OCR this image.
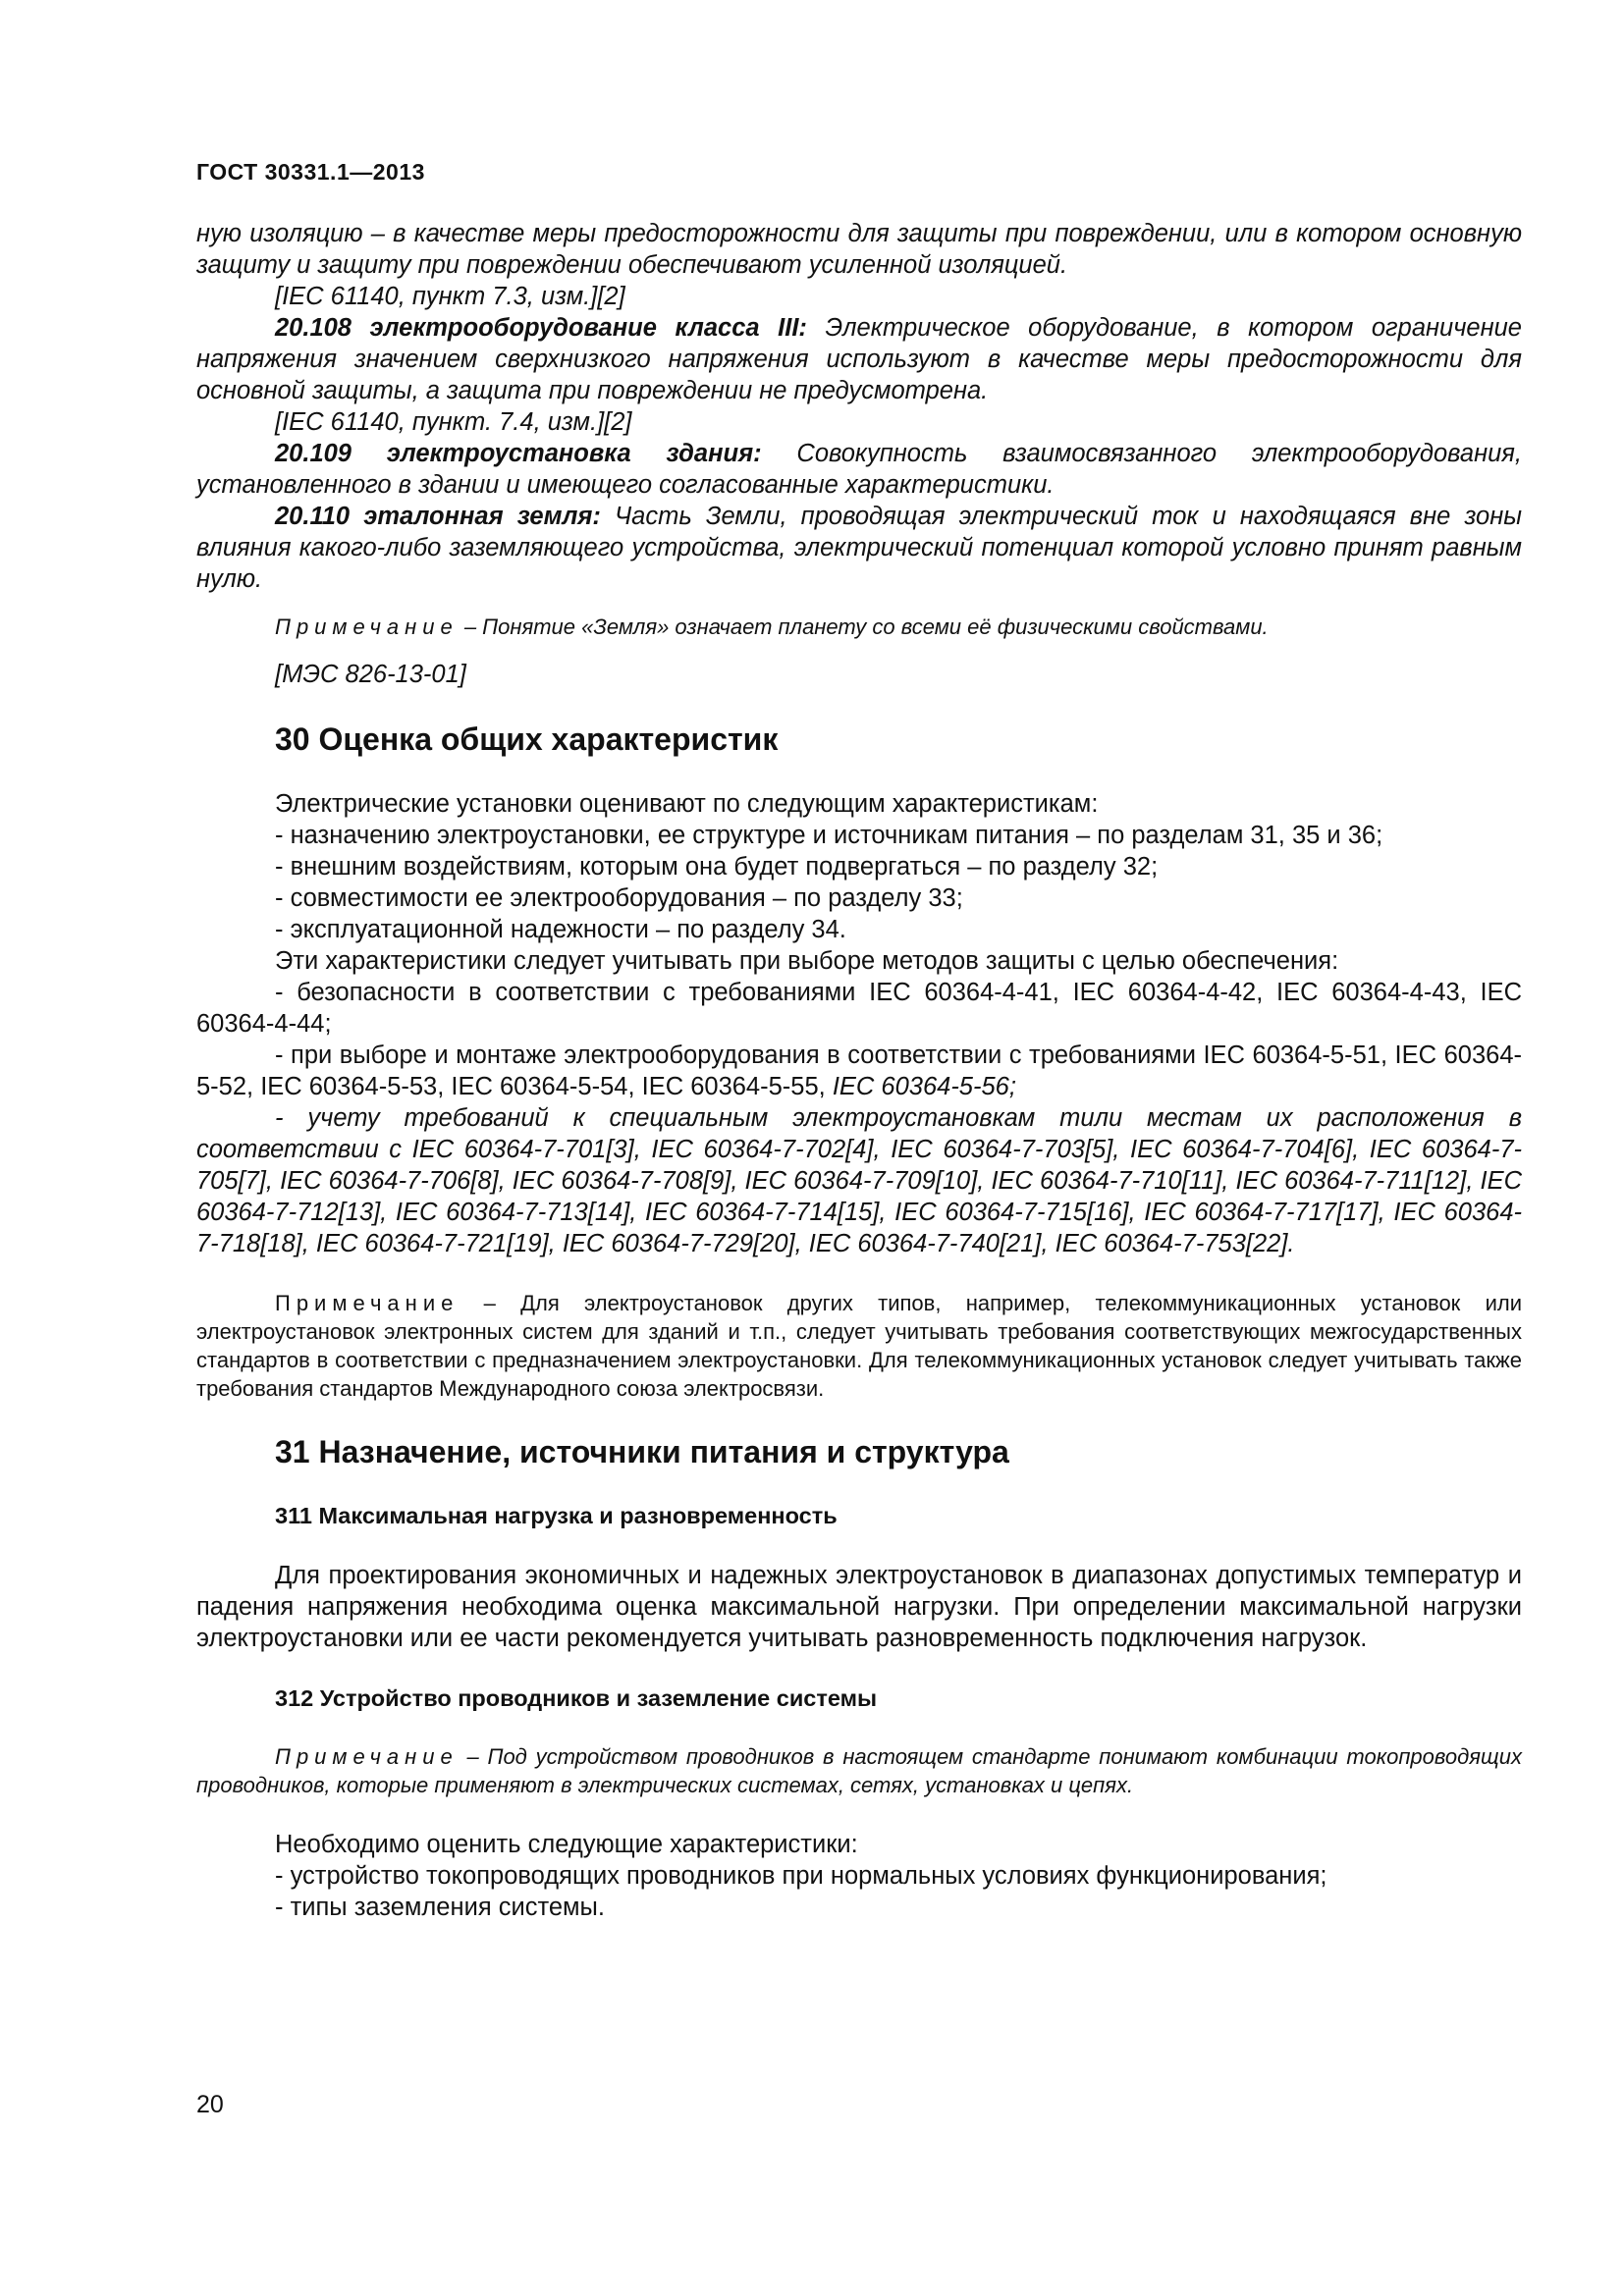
ГОСТ 30331.1—2013

ную изоляцию – в качестве меры предосторожности для защиты при повреждении, или в котором основную защиту и защиту при повреждении обеспечивают усиленной изоляцией.

[IEC 61140, пункт 7.3, изм.][2]

20.108 электрооборудование класса III: Электрическое оборудование, в котором ограничение напряжения значением сверхнизкого напряжения используют в качестве меры предосторожности для основной защиты, а защита при повреждении не предусмотрена.

[IEC 61140, пункт. 7.4, изм.][2]

20.109 электроустановка здания: Совокупность взаимосвязанного электрооборудования, установленного в здании и имеющего согласованные характеристики.

20.110 эталонная земля: Часть Земли, проводящая электрический ток и находящаяся вне зоны влияния какого-либо заземляющего устройства, электрический потенциал которой условно принят равным нулю.

Примечание – Понятие «Земля» означает планету со всеми её физическими свойствами.

[МЭС 826-13-01]

30 Оценка общих характеристик

Электрические установки оценивают по следующим характеристикам:

- назначению электроустановки, ее структуре и источникам питания – по разделам 31, 35 и 36;

- внешним воздействиям, которым она будет подвергаться – по разделу 32;

- совместимости ее электрооборудования – по разделу 33;

- эксплуатационной надежности – по разделу 34.

Эти характеристики следует учитывать при выборе методов защиты с целью обеспечения:

- безопасности в соответствии с требованиями IEC 60364-4-41, IEC 60364-4-42, IEC 60364-4-43, IEC 60364-4-44;

- при выборе и монтаже электрооборудования в соответствии с требованиями IEC 60364-5-51, IEC 60364-5-52, IEC 60364-5-53, IEC 60364-5-54, IEC 60364-5-55, IEC 60364-5-56;

- учету требований к специальным электроустановкам тили местам их расположения в соответствии с IEC 60364-7-701[3], IEC 60364-7-702[4], IEC 60364-7-703[5], IEC 60364-7-704[6], IEC 60364-7-705[7], IEC 60364-7-706[8], IEC 60364-7-708[9], IEC 60364-7-709[10], IEC 60364-7-710[11], IEC 60364-7-711[12], IEC 60364-7-712[13], IEC 60364-7-713[14], IEC 60364-7-714[15], IEC 60364-7-715[16], IEC 60364-7-717[17], IEC 60364-7-718[18], IEC 60364-7-721[19], IEC 60364-7-729[20], IEC 60364-7-740[21], IEC 60364-7-753[22].

Примечание – Для электроустановок других типов, например, телекоммуникационных установок или электроустановок электронных систем для зданий и т.п., следует учитывать требования соответствующих межгосударственных стандартов в соответствии с предназначением электроустановки. Для телекоммуникационных установок следует учитывать также требования стандартов Международного союза электросвязи.

31 Назначение, источники питания и структура
311 Максимальная нагрузка и разновременность

Для проектирования экономичных и надежных электроустановок в диапазонах допустимых температур и падения напряжения необходима оценка максимальной нагрузки. При определении максимальной нагрузки электроустановки или ее части рекомендуется учитывать разновременность подключения нагрузок.

312 Устройство проводников и заземление системы

Примечание – Под устройством проводников в настоящем стандарте понимают комбинации токопроводящих проводников, которые применяют в электрических системах, сетях, установках и цепях.

Необходимо оценить следующие характеристики:

- устройство токопроводящих проводников при нормальных условиях функционирования;

- типы заземления системы.

20
